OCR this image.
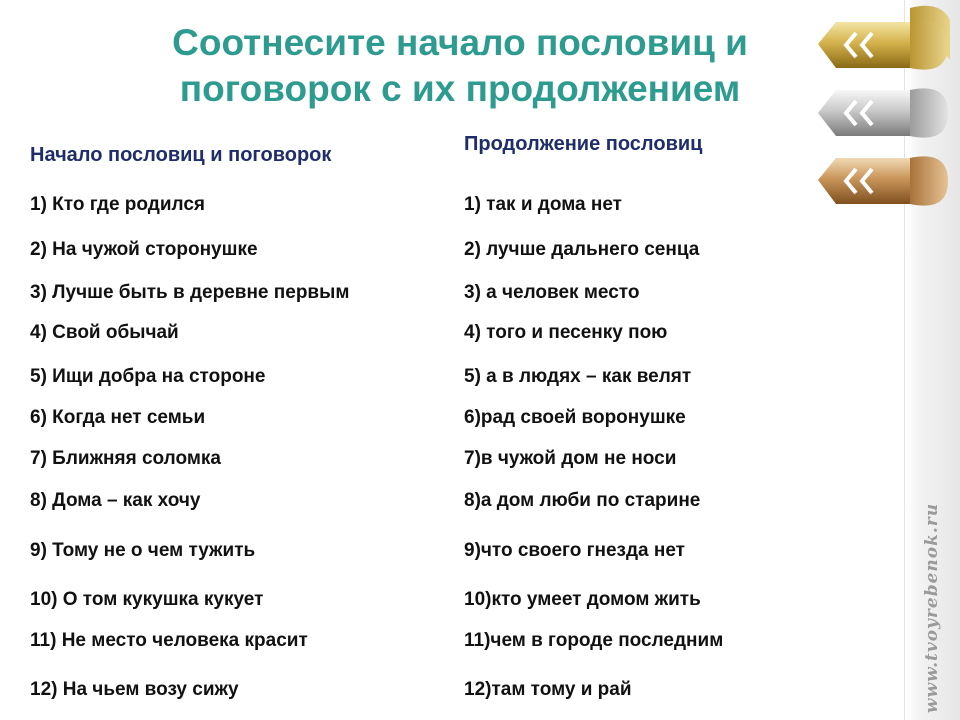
www.tvoyrebenok.ru
Соотнесите начало пословиц и
поговорок с их продолжением
Начало пословиц и поговорок	Продолжение пословиц
1) Кто где родился	1) так и дома нет
2) На чужой сторонушке	2) лучше дальнего сенца
3) Лучше быть в деревне первым	3) а человек место
4) Свой обычай	4) того и песенку пою
5) Ищи добра на стороне	5) а в людях – как велят
6) Когда нет семьи	6)рад своей воронушке
7) Ближняя соломка	7)в чужой дом не носи
8) Дома – как хочу	8)а дом люби по старине
9) Тому не о чем тужить	9)что своего гнезда нет
10) О том кукушка кукует	10)кто умеет домом жить
11) Не место человека красит	11)чем в городе последним
12) На чьем возу сижу	12)там тому и рай
